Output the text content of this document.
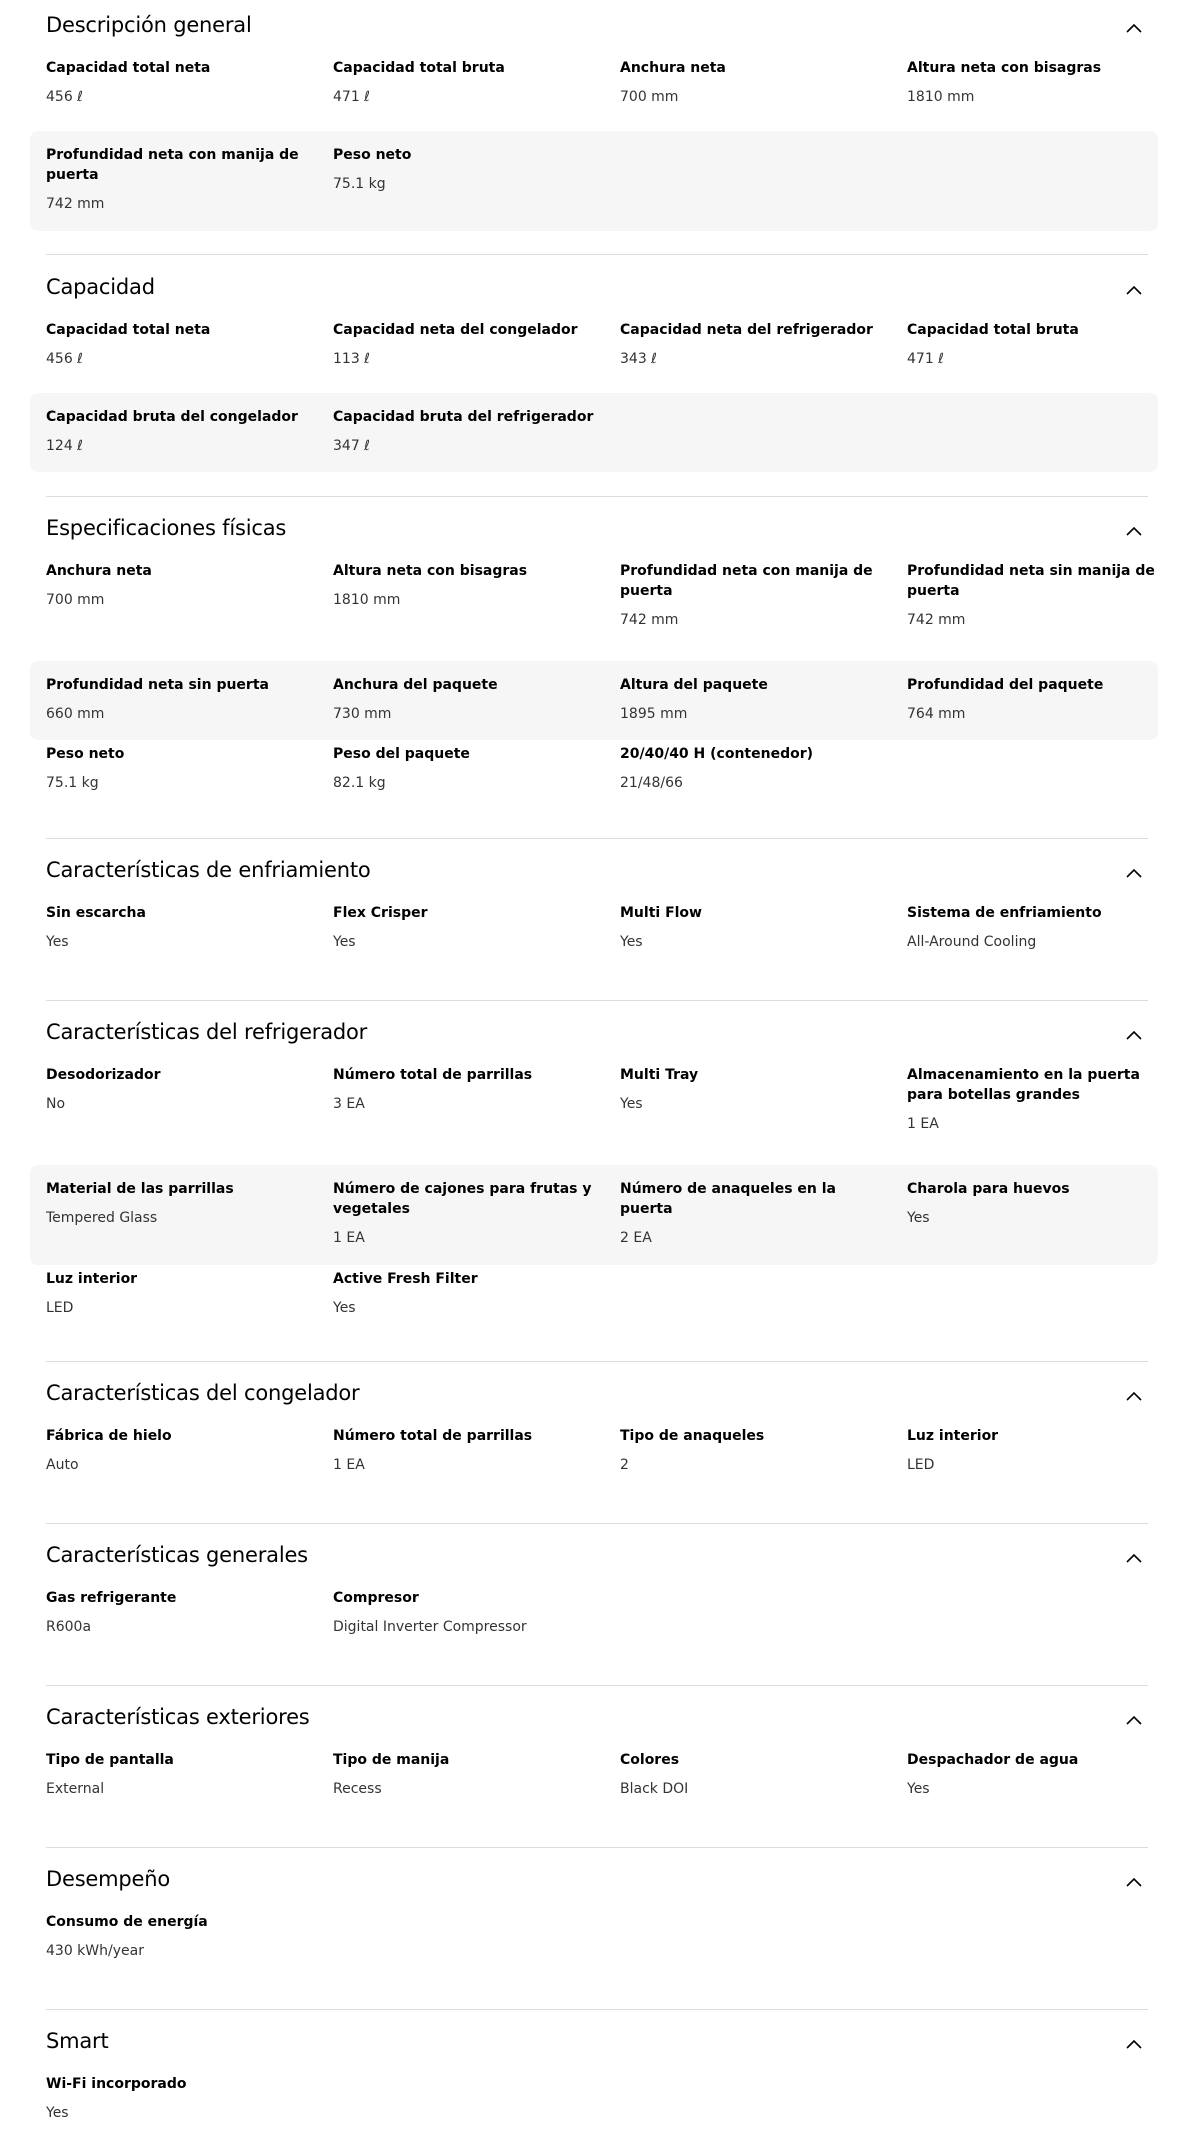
Descripción general
Capacidad total neta
456 ℓ
Capacidad total bruta
471 ℓ
Anchura neta
700 mm
Altura neta con bisagras
1810 mm
Profundidad neta con manija de puerta
742 mm
Peso neto
75.1 kg
Capacidad
Capacidad total neta
456 ℓ
Capacidad neta del congelador
113 ℓ
Capacidad neta del refrigerador
343 ℓ
Capacidad total bruta
471 ℓ
Capacidad bruta del congelador
124 ℓ
Capacidad bruta del refrigerador
347 ℓ
Especificaciones físicas
Anchura neta
700 mm
Altura neta con bisagras
1810 mm
Profundidad neta con manija de puerta
742 mm
Profundidad neta sin manija de puerta
742 mm
Profundidad neta sin puerta
660 mm
Anchura del paquete
730 mm
Altura del paquete
1895 mm
Profundidad del paquete
764 mm
Peso neto
75.1 kg
Peso del paquete
82.1 kg
20/40/40 H (contenedor)
21/48/66
Características de enfriamiento
Sin escarcha
Yes
Flex Crisper
Yes
Multi Flow
Yes
Sistema de enfriamiento
All-Around Cooling
Características del refrigerador
Desodorizador
No
Número total de parrillas
3 EA
Multi Tray
Yes
Almacenamiento en la puerta para botellas grandes
1 EA
Material de las parrillas
Tempered Glass
Número de cajones para frutas y vegetales
1 EA
Número de anaqueles en la puerta
2 EA
Charola para huevos
Yes
Luz interior
LED
Active Fresh Filter
Yes
Características del congelador
Fábrica de hielo
Auto
Número total de parrillas
1 EA
Tipo de anaqueles
2
Luz interior
LED
Características generales
Gas refrigerante
R600a
Compresor
Digital Inverter Compressor
Características exteriores
Tipo de pantalla
External
Tipo de manija
Recess
Colores
Black DOI
Despachador de agua
Yes
Desempeño
Consumo de energía
430 kWh/year
Smart
Wi-Fi incorporado
Yes
